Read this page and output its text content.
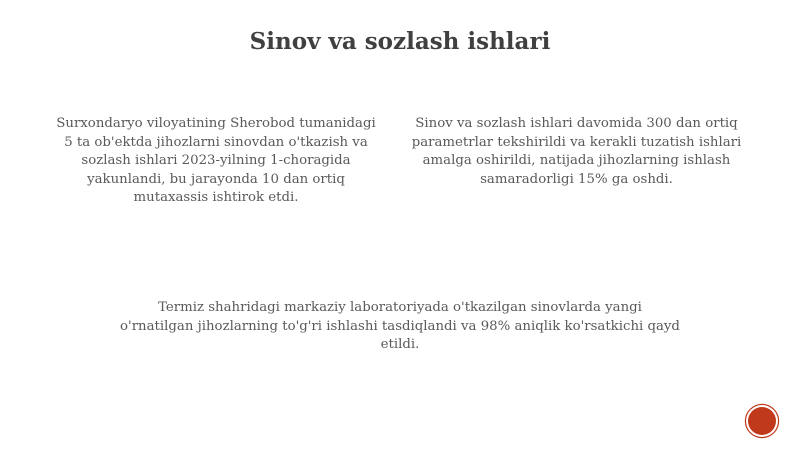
Sinov va sozlash ishlari

Surxondaryo viloyatining Sherobod tumanidagi 5 ta ob'ektda jihozlarni sinovdan o'tkazish va sozlash ishlari 2023-yilning 1-choragida yakunlandi, bu jarayonda 10 dan ortiq mutaxassis ishtirok etdi.

Sinov va sozlash ishlari davomida 300 dan ortiq parametrlar tekshirildi va kerakli tuzatish ishlari amalga oshirildi, natijada jihozlarning ishlash samaradorligi 15% ga oshdi.

Termiz shahridagi markaziy laboratoriyada o'tkazilgan sinovlarda yangi o'rnatilgan jihozlarning to'g'ri ishlashi tasdiqlandi va 98% aniqlik ko'rsatkichi qayd etildi.
